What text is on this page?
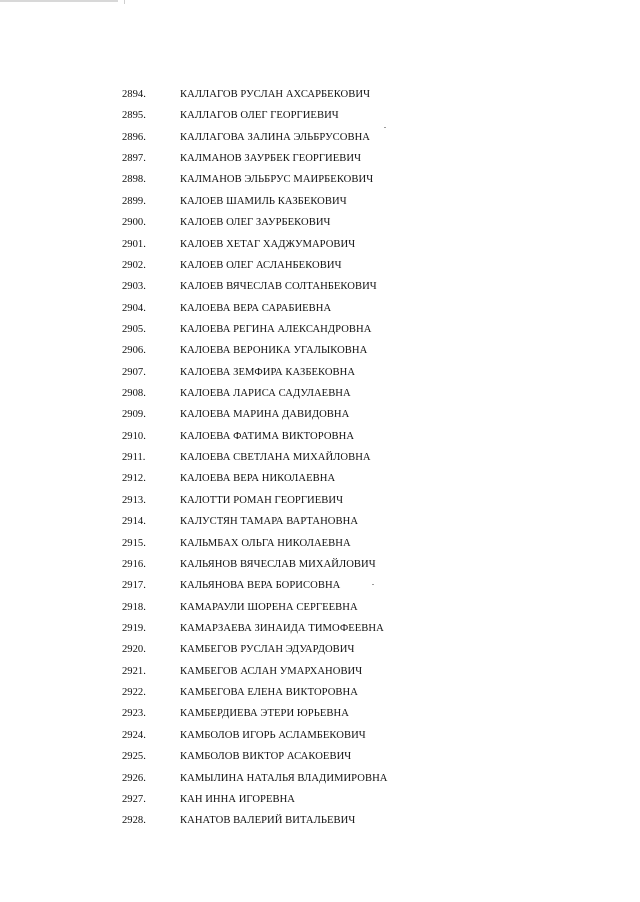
2894.	КАЛЛАГОВ РУСЛАН АХСАРБЕКОВИЧ
2895.	КАЛЛАГОВ ОЛЕГ ГЕОРГИЕВИЧ
2896.	КАЛЛАГОВА ЗАЛИНА ЭЛЬБРУСОВНА
2897.	КАЛМАНОВ ЗАУРБЕК ГЕОРГИЕВИЧ
2898.	КАЛМАНОВ ЭЛЬБРУС МАИРБЕКОВИЧ
2899.	КАЛОЕВ ШАМИЛЬ КАЗБЕКОВИЧ
2900.	КАЛОЕВ ОЛЕГ ЗАУРБЕКОВИЧ
2901.	КАЛОЕВ ХЕТАГ ХАДЖУМАРОВИЧ
2902.	КАЛОЕВ ОЛЕГ АСЛАНБЕКОВИЧ
2903.	КАЛОЕВ ВЯЧЕСЛАВ СОЛТАНБЕКОВИЧ
2904.	КАЛОЕВА ВЕРА САРАБИЕВНА
2905.	КАЛОЕВА РЕГИНА АЛЕКСАНДРОВНА
2906.	КАЛОЕВА ВЕРОНИКА УГАЛЫКОВНА
2907.	КАЛОЕВА ЗЕМФИРА КАЗБЕКОВНА
2908.	КАЛОЕВА ЛАРИСА САДУЛАЕВНА
2909.	КАЛОЕВА МАРИНА ДАВИДОВНА
2910.	КАЛОЕВА ФАТИМА ВИКТОРОВНА
2911.	КАЛОЕВА СВЕТЛАНА МИХАЙЛОВНА
2912.	КАЛОЕВА ВЕРА НИКОЛАЕВНА
2913.	КАЛОТТИ РОМАН ГЕОРГИЕВИЧ
2914.	КАЛУСТЯН ТАМАРА ВАРТАНОВНА
2915.	КАЛЬМБАХ ОЛЬГА НИКОЛАЕВНА
2916.	КАЛЬЯНОВ ВЯЧЕСЛАВ МИХАЙЛОВИЧ
2917.	КАЛЬЯНОВА ВЕРА БОРИСОВНА
2918.	КАМАРАУЛИ ШОРЕНА СЕРГЕЕВНА
2919.	КАМАРЗАЕВА ЗИНАИДА ТИМОФЕЕВНА
2920.	КАМБЕГОВ РУСЛАН ЭДУАРДОВИЧ
2921.	КАМБЕГОВ АСЛАН УМАРХАНОВИЧ
2922.	КАМБЕГОВА ЕЛЕНА ВИКТОРОВНА
2923.	КАМБЕРДИЕВА ЭТЕРИ ЮРЬЕВНА
2924.	КАМБОЛОВ ИГОРЬ АСЛАМБЕКОВИЧ
2925.	КАМБОЛОВ ВИКТОР АСАКОЕВИЧ
2926.	КАМЫЛИНА НАТАЛЬЯ ВЛАДИМИРОВНА
2927.	КАН ИННА ИГОРЕВНА
2928.	КАНАТОВ ВАЛЕРИЙ ВИТАЛЬЕВИЧ
